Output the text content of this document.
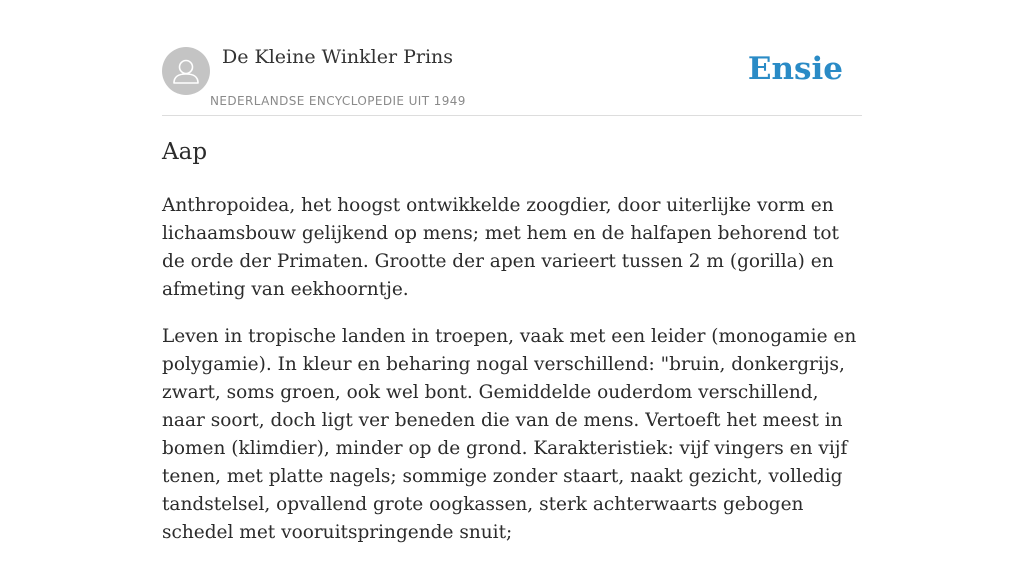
De Kleine Winkler Prins
NEDERLANDSE ENCYCLOPEDIE UIT 1949
Ensie
Aap

Anthropoidea, het hoogst ontwikkelde zoogdier, door uiterlijke vorm en lichaamsbouw gelijkend op mens; met hem en de halfapen behorend tot de orde der Primaten. Grootte der apen varieert tussen 2 m (gorilla) en afmeting van eekhoorntje.

Leven in tropische landen in troepen, vaak met een leider (monogamie en polygamie). In kleur en beharing nogal verschillend: "bruin, donkergrijs, zwart, soms groen, ook wel bont. Gemiddelde ouderdom verschillend, naar soort, doch ligt ver beneden die van de mens. Vertoeft het meest in bomen (klimdier), minder op de grond. Karakteristiek: vijf vingers en vijf tenen, met platte nagels; sommige zonder staart, naakt gezicht, volledig tandstelsel, opvallend grote oogkassen, sterk achterwaarts gebogen schedel met vooruitspringende snuit;
